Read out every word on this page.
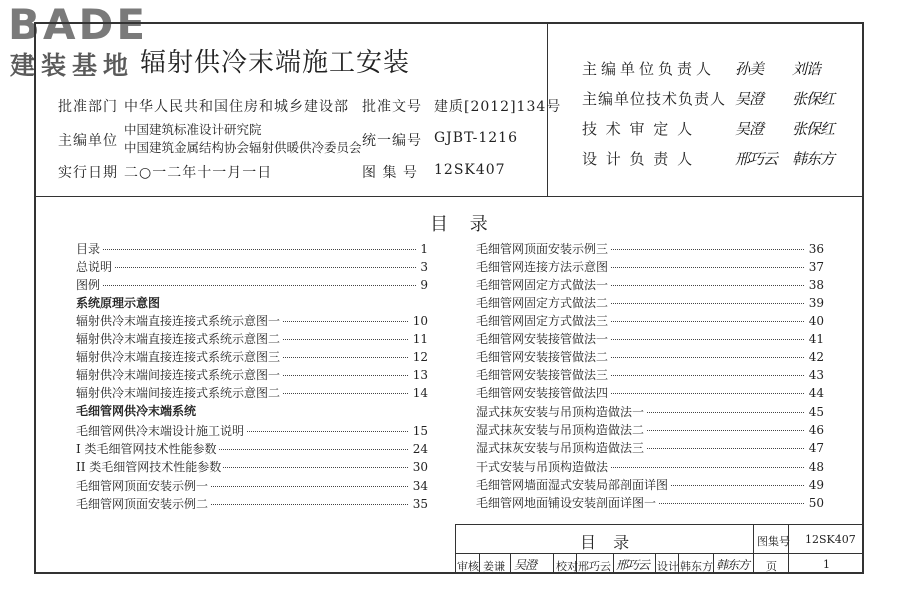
BADE
建装基地 辐射供冷末端施工安装
批准部门 中华人民共和国住房和城乡建设部 批准文号 建质[2012]134号
主编单位
中国建筑标准设计研究院
中国建筑金属结构协会辐射供暖供冷委员会 统一编号 GJBT-1216
实行日期 二○一二年十一月一日	图 集 号 12SK407
主编单位负责人 孙美 刘诰
主编单位技术负责人 吴澄 张保红
技 术 审 定 人	吴澄 张保红
设 计 负 责 人	邢巧云 韩东方
目 录
目录	1
总说明	3
图例	9
系统原理示意图
辐射供冷末端直接连接式系统示意图一	10
辐射供冷末端直接连接式系统示意图二	11
辐射供冷末端直接连接式系统示意图三	12
辐射供冷末端间接连接式系统示意图一	13
辐射供冷末端间接连接式系统示意图二	14
毛细管网供冷末端系统
毛细管网供冷末端设计施工说明	15
I 类毛细管网技术性能参数	24
II 类毛细管网技术性能参数	30
毛细管网顶面安装示例一	34
毛细管网顶面安装示例二	35
毛细管网顶面安装示例三	36
毛细管网连接方法示意图	37
毛细管网固定方式做法一	38
毛细管网固定方式做法二	39
毛细管网固定方式做法三	40
毛细管网安装接管做法一	41
毛细管网安装接管做法二	42
毛细管网安装接管做法三	43
毛细管网安装接管做法四	44
湿式抹灰安装与吊顶构造做法一	45
湿式抹灰安装与吊顶构造做法二	46
湿式抹灰安装与吊顶构造做法三	47
干式安装与吊顶构造做法	48
毛细管网墙面湿式安装局部剖面详图	49
毛细管网地面铺设安装剖面详图一	50
目 录	图集号 12SK407
审核 姜谦 吴澄 校对 邢巧云 邢巧云 设计 韩东方 韩东方 页	1
